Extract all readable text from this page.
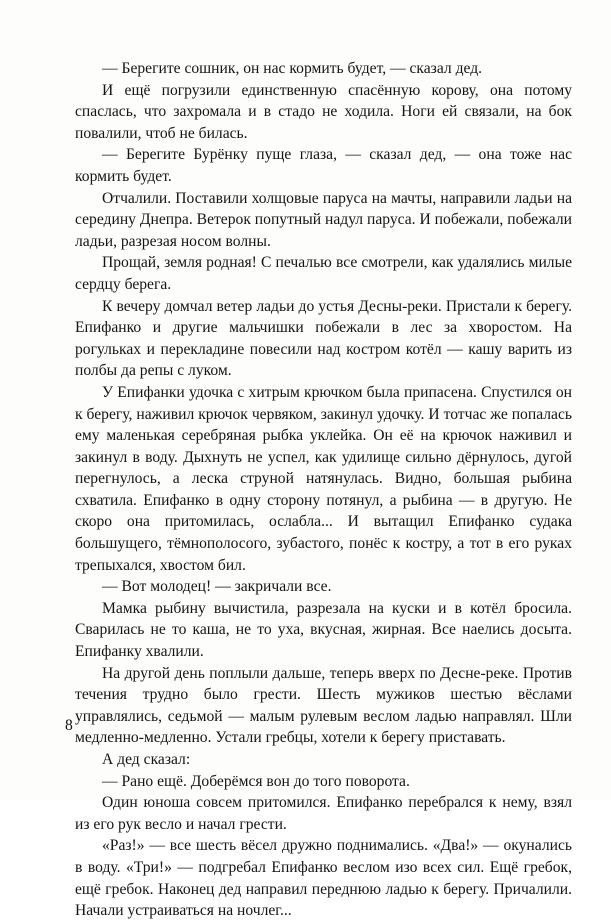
— Берегите сошник, он нас кормить будет, — сказал дед.

И ещё погрузили единственную спасённую корову, она потому спаслась, что захромала и в стадо не ходила. Ноги ей связали, на бок повалили, чтоб не билась.

— Берегите Бурёнку пуще глаза, — сказал дед, — она тоже нас кормить будет.

Отчалили. Поставили холщовые паруса на мачты, направили ладьи на середину Днепра. Ветерок попутный надул паруса. И побежали, побежали ладьи, разрезая носом волны.

Прощай, земля родная! С печалью все смотрели, как удалялись милые сердцу берега.

К вечеру домчал ветер ладьи до устья Десны-реки. Пристали к берегу. Епифанко и другие мальчишки побежали в лес за хворостом. На рогульках и перекладине повесили над костром котёл — кашу варить из полбы да репы с луком.

У Епифанки удочка с хитрым крючком была припасена. Спустился он к берегу, наживил крючок червяком, закинул удочку. И тотчас же попалась ему маленькая серебряная рыбка уклейка. Он её на крючок наживил и закинул в воду. Дыхнуть не успел, как удилище сильно дёрнулось, дугой перегнулось, а леска струной натянулась. Видно, большая рыбина схватила. Епифанко в одну сторону потянул, а рыбина — в другую. Не скоро она притомилась, ослабла... И вытащил Епифанко судака большущего, тёмнополосого, зубастого, понёс к костру, а тот в его руках трепыхался, хвостом бил.

— Вот молодец! — закричали все.

Мамка рыбину вычистила, разрезала на куски и в котёл бросила. Сварилась не то каша, не то уха, вкусная, жирная. Все наелись досыта. Епифанку хвалили.

На другой день поплыли дальше, теперь вверх по Десне-реке. Против течения трудно было грести. Шесть мужиков шестью вёслами управлялись, седьмой — малым рулевым веслом ладью направлял. Шли медленно-медленно. Устали гребцы, хотели к берегу приставать.

А дед сказал:

— Рано ещё. Доберёмся вон до того поворота.

Один юноша совсем притомился. Епифанко перебрался к нему, взял из его рук весло и начал грести.

«Раз!» — все шесть вёсел дружно поднимались. «Два!» — окунались в воду. «Три!» — подгребал Епифанко веслом изо всех сил. Ещё гребок, ещё гребок. Наконец дед направил переднюю ладью к берегу. Причалили. Начали устраиваться на ночлег...

8
